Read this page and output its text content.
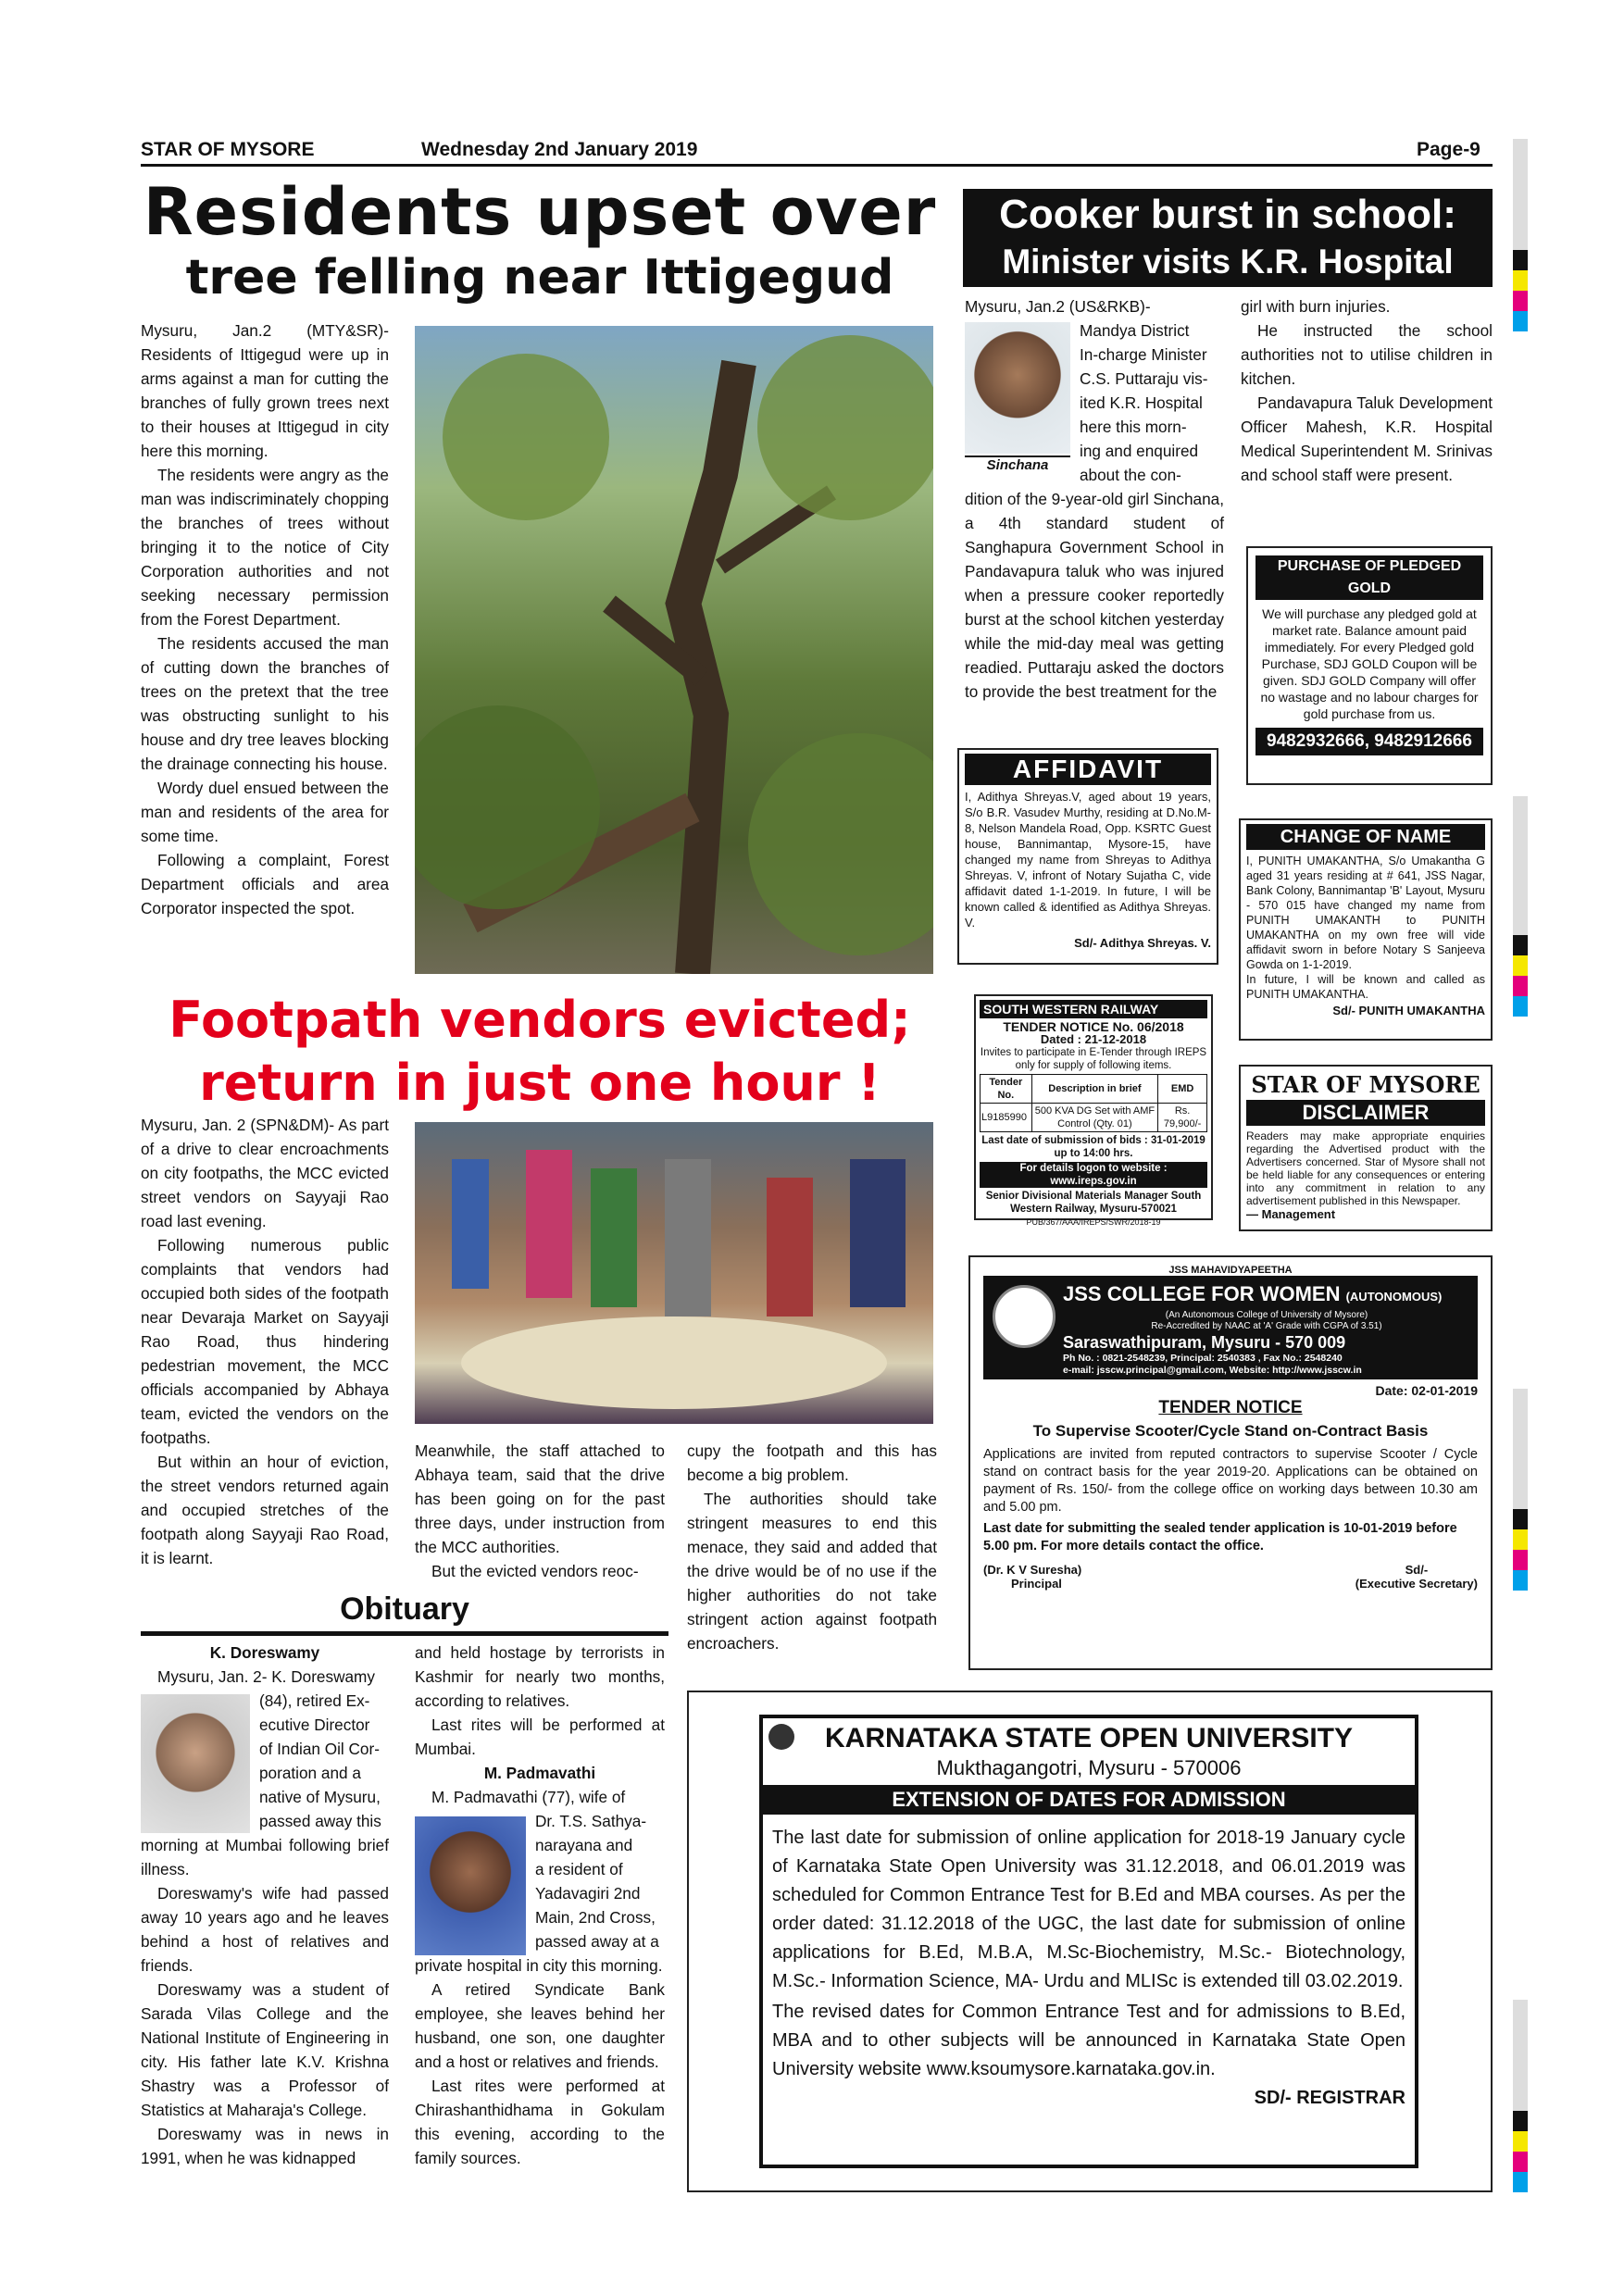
STAR OF MYSORE	Wednesday 2nd January 2019	Page-9
Residents upset over
tree felling near Ittigegud

Mysuru, Jan.2 (MTY&SR)- Residents of Ittigegud were up in arms against a man for cutting the branches of fully grown trees next to their houses at Ittigegud in city here this morning.

The residents were angry as the man was indiscriminately chopping the branches of trees without bringing it to the notice of City Corporation authorities and not seeking necessary permission from the Forest Department.

The residents accused the man of cutting down the branches of trees on the pretext that the tree was obstructing sunlight to his house and dry tree leaves blocking the drainage connecting his house.

Wordy duel ensued between the man and residents of the area for some time.

Following a complaint, Forest Department officials and area Corporator inspected the spot.

Cooker burst in school:
Minister visits K.R. Hospital
Sinchana
Mysuru, Jan.2 (US&RKB)-
Mandya District
In-charge Minister
C.S. Puttaraju vis-
ited K.R. Hospital
here this morn-
ing and enquired
about the con-
dition of the 9-year-old girl Sinchana, a 4th standard student of Sanghapura Government School in Pandavapura taluk who was injured when a pressure cooker reportedly burst at the school kitchen yesterday while the mid-day meal was getting readied. Puttaraju asked the doctors to provide the best treatment for the

girl with burn injuries.

He instructed the school authorities not to utilise children in kitchen.

Pandavapura Taluk Development Officer Mahesh, K.R. Hospital Medical Superintendent M. Srinivas and school staff were present.

PURCHASE OF PLEDGED GOLD
We will purchase any pledged gold at market rate. Balance amount paid immediately. For every Pledged gold Purchase, SDJ GOLD Coupon will be given. SDJ GOLD Company will offer no wastage and no labour charges for gold purchase from us.
9482932666, 9482912666
AFFIDAVIT
I, Adithya Shreyas.V, aged about 19 years, S/o B.R. Vasudev Murthy, residing at D.No.M-8, Nelson Mandela Road, Opp. KSRTC Guest house, Bannimantap, Mysore-15, have changed my name from Shreyas to Adithya Shreyas. V, infront of Notary Sujatha C, vide affidavit dated 1-1-2019. In future, I will be known called & identified as Adithya Shreyas. V.
Sd/- Adithya Shreyas. V.
CHANGE OF NAME
I, PUNITH UMAKANTHA, S/o Umakantha G aged 31 years residing at # 641, JSS Nagar, Bank Colony, Bannimantap 'B' Layout, Mysuru - 570 015 have changed my name from PUNITH UMAKANTH to PUNITH UMAKANTHA on my own free will vide affidavit sworn in before Notary S Sanjeeva Gowda on 1-1-2019.
In future, I will be known and called as PUNITH UMAKANTHA.
Sd/- PUNITH UMAKANTHA
Footpath vendors evicted;
return in just one hour !

Mysuru, Jan. 2 (SPN&DM)- As part of a drive to clear encroachments on city footpaths, the MCC evicted street vendors on Sayyaji Rao road last evening.

Following numerous public complaints that vendors had occupied both sides of the footpath near Devaraja Market on Sayyaji Rao Road, thus hindering pedestrian movement, the MCC officials accompanied by Abhaya team, evicted the vendors on the footpaths.

But within an hour of eviction, the street vendors returned again and occupied stretches of the footpath along Sayyaji Rao Road, it is learnt.

Meanwhile, the staff attached to Abhaya team, said that the drive has been going on for the past three days, under instruction from the MCC authorities.

But the evicted vendors reoc-

cupy the footpath and this has become a big problem.

The authorities should take stringent measures to end this menace, they said and added that the drive would be of no use if the higher authorities do not take stringent action against footpath encroachers.

SOUTH WESTERN RAILWAY
TENDER NOTICE No. 06/2018
Dated : 21-12-2018
Invites to participate in E-Tender through IREPS only for supply of following items.
Tender No.	Description in brief	EMD
L9185990	500 KVA DG Set with AMF Control (Qty. 01)	Rs. 79,900/-
Last date of submission of bids : 31-01-2019 up to 14:00 hrs.
For details logon to website : www.ireps.gov.in
Senior Divisional Materials Manager South Western Railway, Mysuru-570021
PUB/367/AAA/IREPS/SWR/2018-19
STAR OF MYSORE
DISCLAIMER
Readers may make appropriate enquiries regarding the Advertised product with the Advertisers concerned. Star of Mysore shall not be held liable for any consequences or entering into any commitment in relation to any advertisement published in this Newspaper.
— Management
JSS MAHAVIDYAPEETHA
JSS COLLEGE FOR WOMEN (AUTONOMOUS)
(An Autonomous College of University of Mysore)
Re-Accredited by NAAC at 'A' Grade with CGPA of 3.51)
Saraswathipuram, Mysuru - 570 009
Ph No. : 0821-2548239, Principal: 2540383 , Fax No.: 2548240
e-mail: jsscw.principal@gmail.com, Website: http://www.jsscw.in
Date: 02-01-2019
TENDER NOTICE
To Supervise Scooter/Cycle Stand on-Contract Basis
Applications are invited from reputed contractors to supervise Scooter / Cycle stand on contract basis for the year 2019-20. Applications can be obtained on payment of Rs. 150/- from the college office on working days between 10.30 am and 5.00 pm.
Last date for submitting the sealed tender application is 10-01-2019 before 5.00 pm. For more details contact the office.
(Dr. K V Suresha)
Principal
Sd/-
(Executive Secretary)
Obituary
K. Doreswamy
Mysuru, Jan. 2- K. Doreswamy
(84), retired Ex-
ecutive Director
of Indian Oil Cor-
poration and a
native of Mysuru,
passed away this

morning at Mumbai following brief illness.

Doreswamy's wife had passed away 10 years ago and he leaves behind a host of relatives and friends.

Doreswamy was a student of Sarada Vilas College and the National Institute of Engineering in city. His father late K.V. Krishna Shastry was a Professor of Statistics at Maharaja's College.

Doreswamy was in news in 1991, when he was kidnapped

and held hostage by terrorists in Kashmir for nearly two months, according to relatives.

Last rites will be performed at Mumbai.

M. Padmavathi
M. Padmavathi (77), wife of
Dr. T.S. Sathya-
narayana and
a resident of
Yadavagiri 2nd
Main, 2nd Cross,
passed away at a

private hospital in city this morning.

A retired Syndicate Bank employee, she leaves behind her husband, one son, one daughter and a host or relatives and friends.

Last rites were performed at Chirashanthidhama in Gokulam this evening, according to the family sources.

KARNATAKA STATE OPEN UNIVERSITY
Mukthagangotri, Mysuru - 570006
EXTENSION OF DATES FOR ADMISSION
The last date for submission of online application for 2018-19 January cycle of Karnataka State Open University was 31.12.2018, and 06.01.2019 was scheduled for Common Entrance Test for B.Ed and MBA courses. As per the order dated: 31.12.2018 of the UGC, the last date for submission of online applications for B.Ed, M.B.A, M.Sc-Biochemistry, M.Sc.- Biotechnology, M.Sc.- Information Science, MA- Urdu and MLISc is extended till 03.02.2019.
The revised dates for Common Entrance Test and for admissions to B.Ed, MBA and to other subjects will be announced in Karnataka State Open University website www.ksoumysore.karnataka.gov.in.
SD/- REGISTRAR
